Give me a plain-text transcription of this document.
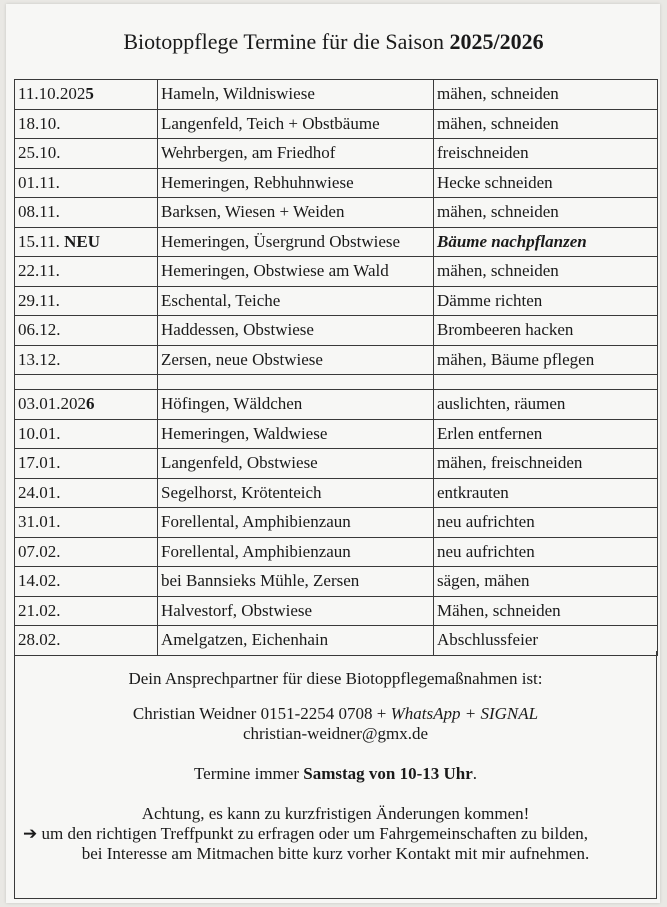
Biotoppflege Termine für die Saison 2025/2026
11.10.2025	Hameln, Wildniswiese	mähen, schneiden
18.10.	Langenfeld, Teich + Obstbäume	mähen, schneiden
25.10.	Wehrbergen, am Friedhof	freischneiden
01.11.	Hemeringen, Rebhuhnwiese	Hecke schneiden
08.11.	Barksen, Wiesen + Weiden	mähen, schneiden
15.11. NEU	Hemeringen, Üsergrund Obstwiese	Bäume nachpflanzen
22.11.	Hemeringen, Obstwiese am Wald	mähen, schneiden
29.11.	Eschental, Teiche	Dämme richten
06.12.	Haddessen, Obstwiese	Brombeeren hacken
13.12.	Zersen, neue Obstwiese	mähen, Bäume pflegen

03.01.2026	Höfingen, Wäldchen	auslichten, räumen
10.01.	Hemeringen, Waldwiese	Erlen entfernen
17.01.	Langenfeld, Obstwiese	mähen, freischneiden
24.01.	Segelhorst, Krötenteich	entkrauten
31.01.	Forellental, Amphibienzaun	neu aufrichten
07.02.	Forellental, Amphibienzaun	neu aufrichten
14.02.	bei Bannsieks Mühle, Zersen	sägen, mähen
21.02.	Halvestorf, Obstwiese	Mähen, schneiden
28.02.	Amelgatzen, Eichenhain	Abschlussfeier

Dein Ansprechpartner für diese Biotoppflegemaßnahmen ist:

Christian Weidner 0151-2254 0708 + WhatsApp + SIGNAL

christian-weidner@gmx.de

Termine immer Samstag von 10-13 Uhr.

Achtung, es kann zu kurzfristigen Änderungen kommen!

➔ um den richtigen Treffpunkt zu erfragen oder um Fahrgemeinschaften zu bilden,

bei Interesse am Mitmachen bitte kurz vorher Kontakt mit mir aufnehmen.
